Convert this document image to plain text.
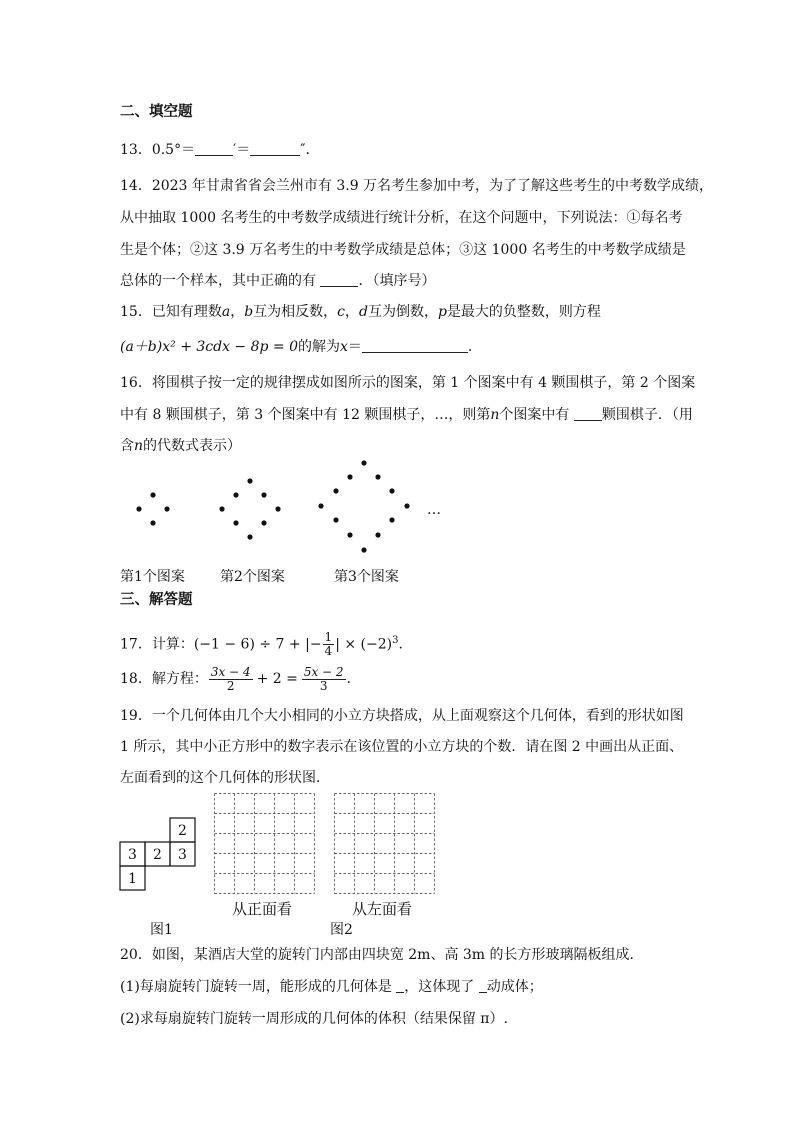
二、填空题
13．0.5°＝	′＝	″．
14．2023 年甘肃省省会兰州市有 3.9 万名考生参加中考，为了了解这些考生的中考数学成绩，
从中抽取 1000 名考生的中考数学成绩进行统计分析，在这个问题中，下列说法：①每名考
生是个体；②这 3.9 万名考生的中考数学成绩是总体；③这 1000 名考生的中考数学成绩是
总体的一个样本，其中正确的有	．（填序号）
15．已知有理数a，b互为相反数，c，d互为倒数，p是最大的负整数，则方程
(a＋b)x² + 3cdx − 8p = 0的解为x＝	．
16．将围棋子按一定的规律摆成如图所示的图案，第 1 个图案中有 4 颗围棋子，第 2 个图案
中有 8 颗围棋子，第 3 个图案中有 12 颗围棋子，…，则第n个图案中有 颗围棋子．（用
含n的代数式表示）
…
第1个图案	第2个图案	第3个图案
三、解答题
17．计算：(−1 − 6) ÷ 7 + |− $\frac{1}{4}$ | × $(-2)^3$．
18．解方程： $\frac{3x - 4}{2} + 2 = \frac{5x - 2}{3}$ ．
19．一个几何体由几个大小相同的小立方块搭成，从上面观察这个几何体，看到的形状如图
1 所示，其中小正方形中的数字表示在该位置的小立方块的个数．请在图 2 中画出从正面、
左面看到的这个几何体的形状图．
2
3 2 3
1
从正面看	从左面看
图1	图2
20．如图，某酒店大堂的旋转门内部由四块宽 2m、高 3m 的长方形玻璃隔板组成．
(1)每扇旋转门旋转一周，能形成的几何体是 ，这体现了 动成体；
(2)求每扇旋转门旋转一周形成的几何体的体积（结果保留 π）.
